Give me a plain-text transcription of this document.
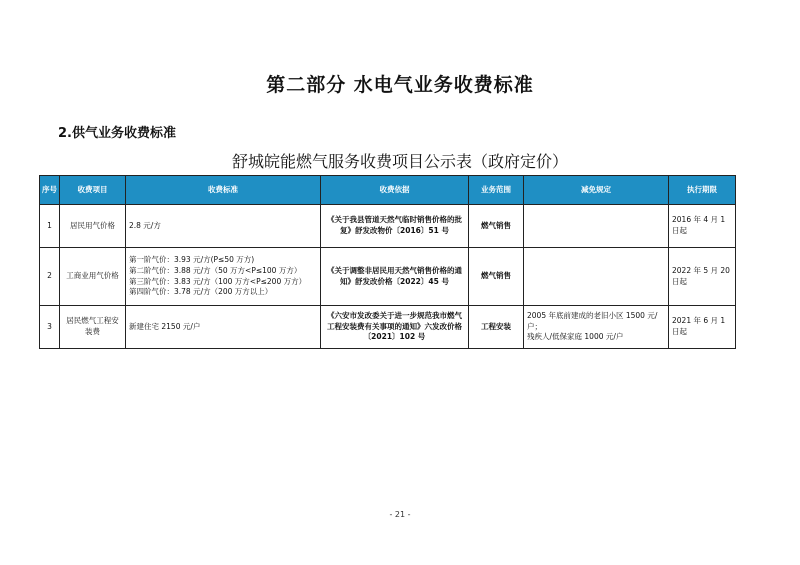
第二部分 水电气业务收费标准
2.供气业务收费标准
舒城皖能燃气服务收费项目公示表（政府定价）
序号	收费项目	收费标准	收费依据	业务范围	减免规定	执行期限
1	居民用气价格	2.8 元/方	《关于我县管道天然气临时销售价格的批复》舒发改物价〔2016〕51 号	燃气销售		2016 年 4 月 1 日起
2	工商业用气价格	第一阶气价：3.93 元/方(P≤50 万方)
第二阶气价：3.88 元/方（50 万方<P≤100 万方）
第三阶气价：3.83 元/方（100 万方<P≤200 万方）
第四阶气价：3.78 元/方（200 万方以上）	《关于调整非居民用天然气销售价格的通知》舒发改价格〔2022〕45 号	燃气销售		2022 年 5 月 20 日起
3	居民燃气工程安装费	新建住宅 2150 元/户	《六安市发改委关于进一步规范我市燃气工程安装费有关事项的通知》六发改价格〔2021〕102 号	工程安装	2005 年底前建成的老旧小区 1500 元/户；
残疾人/低保家庭 1000 元/户	2021 年 6 月 1 日起
- 21 -
